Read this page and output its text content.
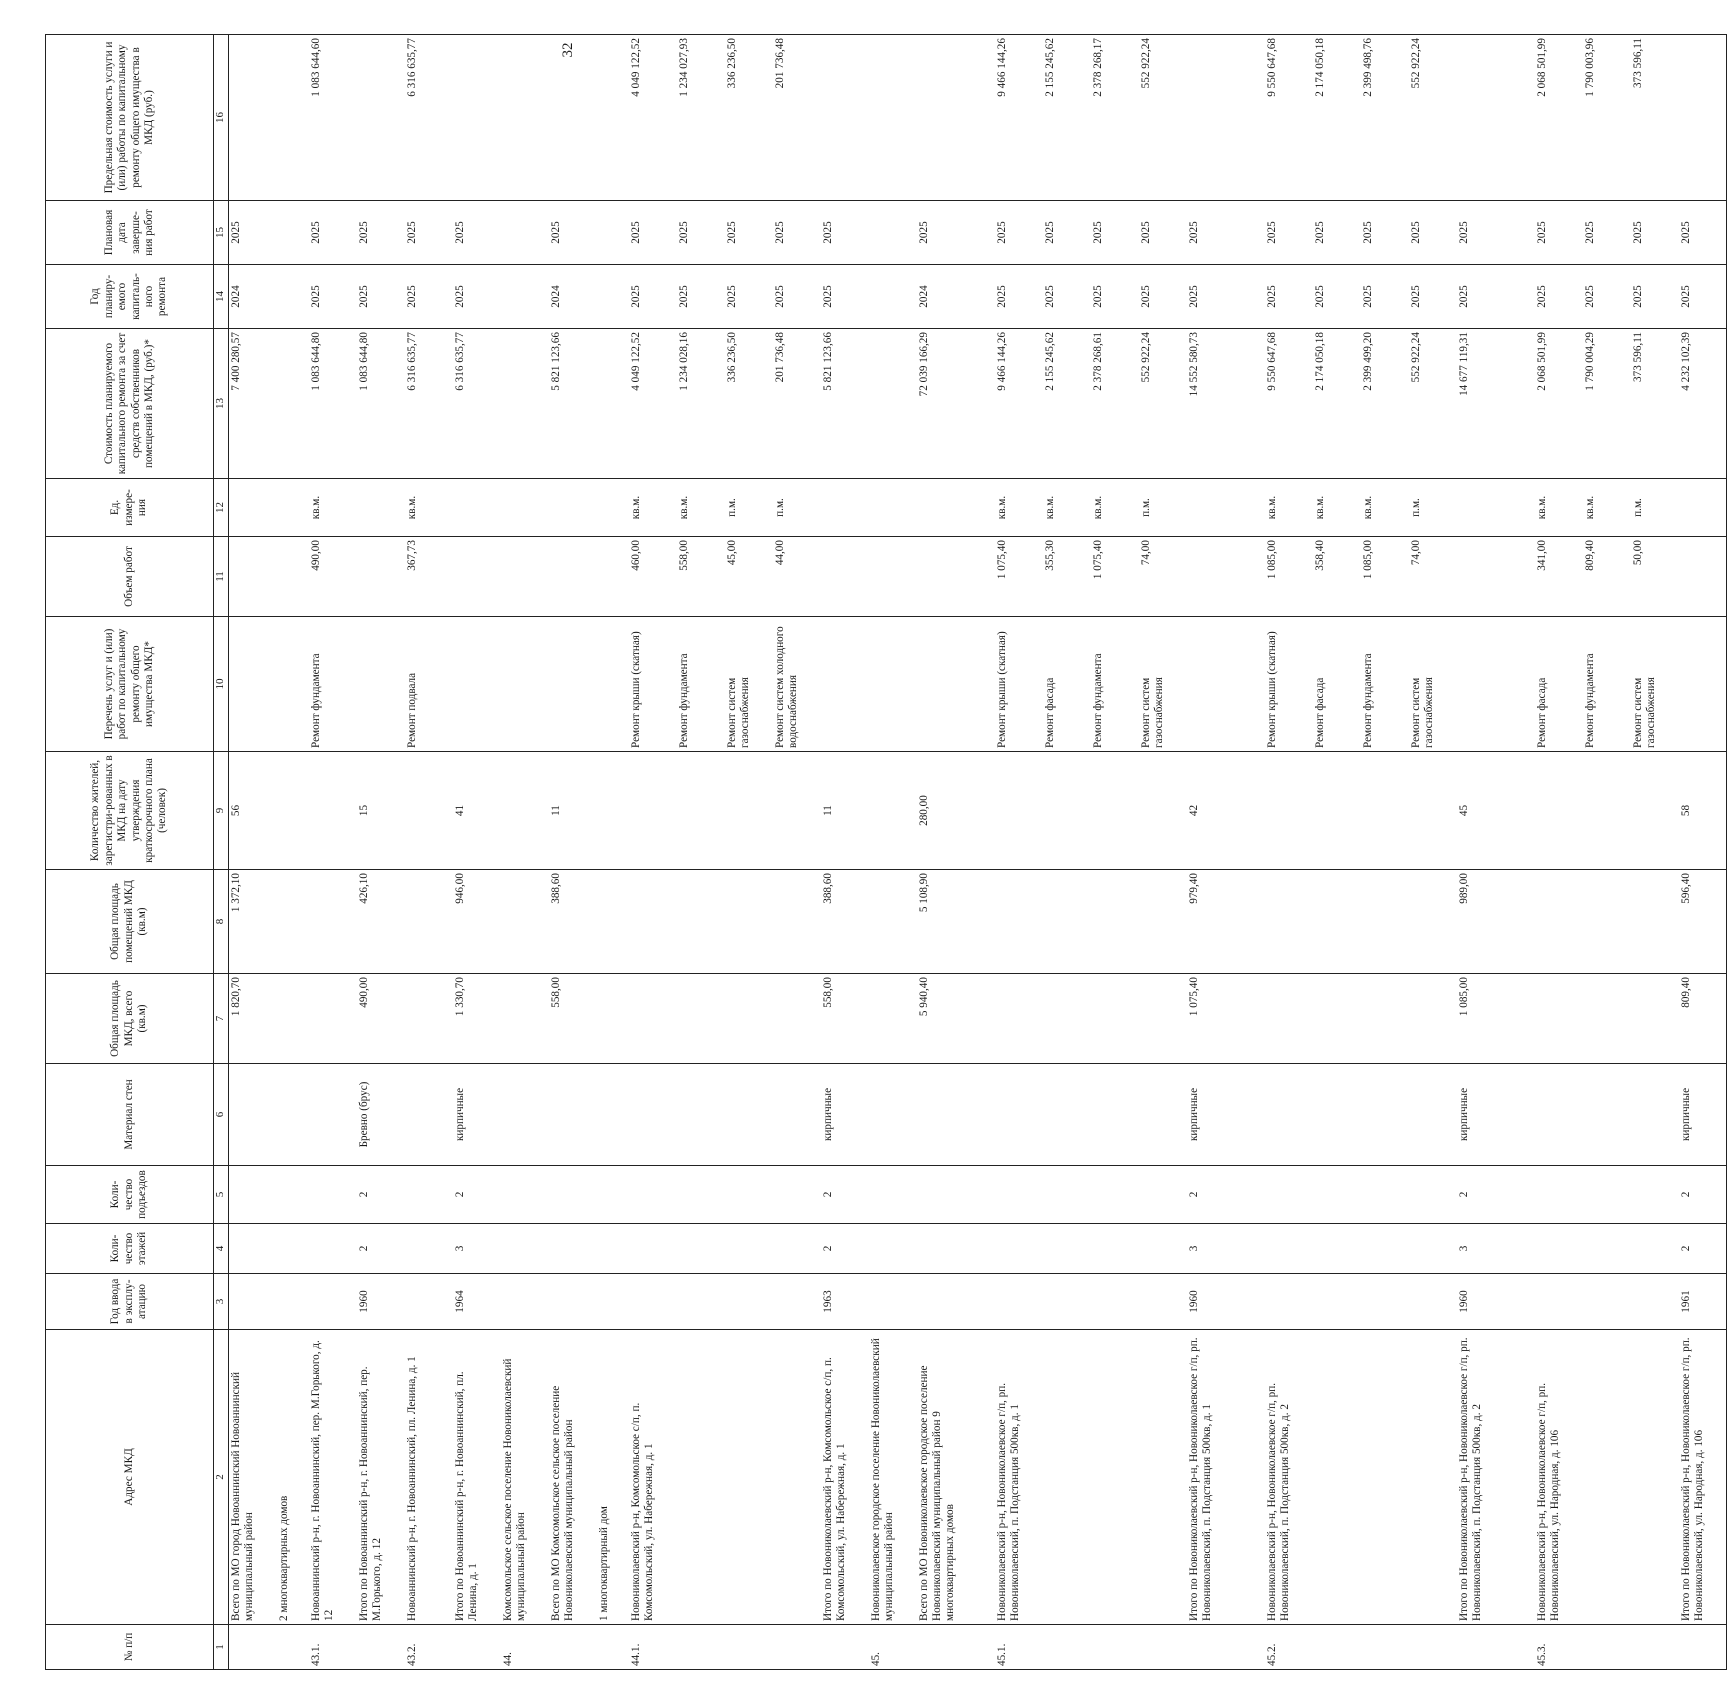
32
№ п/п	Адрес МКД	Год ввода в эксплу-атацию	Коли-чество этажей	Коли-чество подъездов	Материал стен	Общая площадь МКД, всего (кв.м)	Общая площадь помещений МКД (кв.м)	Количество жителей, зарегистри-рованных в МКД на дату утверждения краткосрочного плана (человек)	Перечень услуг и (или) работ по капитальному ремонту общего имущества МКД*	Объем работ	Ед. измере-ния	Стоимость планируемого капитального ремонта за счет средств собственников помещений в МКД, (руб.)*	Год планиру-емого капиталь-ного ремонта	Плановая дата заверше-ния работ	Предельная стоимость услуги и (или) работы по капитальному ремонту общего имущества в МКД (руб.)
1	2	3	4	5	6	7	8	9	10	11	12	13	14	15	16
	Всего по МО город Новоаннинский Новоаннинский муниципальный район					1 820,70	1 372,10	56				7 400 280,57	2024	2025	
	2 многоквартирных домов														
43.1.	Новоаннинский р-н, г. Новоаннинский, пер. М.Горького, д. 12								Ремонт фундамента	490,00	кв.м.	1 083 644,80	2025	2025	1 083 644,60
	Итого по Новоаннинский р-н, г. Новоаннинский, пер. М.Горького, д. 12	1960	2	2	Бревно (брус)	490,00	426,10	15				1 083 644,80	2025	2025	
43.2.	Новоаннинский р-н, г. Новоаннинский, пл. Ленина, д. 1								Ремонт подвала	367,73	кв.м.	6 316 635,77	2025	2025	6 316 635,77
	Итого по Новоаннинский р-н, г. Новоаннинский, пл. Ленина, д. 1	1964	3	2	кирпичные	1 330,70	946,00	41				6 316 635,77	2025	2025	
44.	Комсомольское сельское поселение Новониколаевский муниципальный район														
	Всего по МО Комсомольское сельское поселение Новониколаевский муниципальный район					558,00	388,60	11				5 821 123,66	2024	2025	
	1 многоквартирный дом														
44.1.	Новониколаевский р-н, Комсомольское с/п, п. Комсомольский, ул. Набережная, д. 1								Ремонт крыши (скатная)	460,00	кв.м.	4 049 122,52	2025	2025	4 049 122,52
									Ремонт фундамента	558,00	кв.м.	1 234 028,16	2025	2025	1 234 027,93
									Ремонт систем газоснабжения	45,00	п.м.	336 236,50	2025	2025	336 236,50
									Ремонт систем холодного водоснабжения	44,00	п.м.	201 736,48	2025	2025	201 736,48
	Итого по Новониколаевский р-н, Комсомольское с/п, п. Комсомольский, ул. Набережная, д. 1	1963	2	2	кирпичные	558,00	388,60	11				5 821 123,66	2025	2025	
45.	Новониколаевское городское поселение Новониколаевский муниципальный район														
	Всего по МО Новониколаевское городское поселение Новониколаевский муниципальный район 9 многоквартирных домов					5 940,40	5 108,90	280,00				72 039 166,29	2024	2025	
45.1.	Новониколаевский р-н, Новониколаевское г/п, рп. Новониколаевский, п. Подстанция 500кв, д. 1								Ремонт крыши (скатная)	1 075,40	кв.м.	9 466 144,26	2025	2025	9 466 144,26
									Ремонт фасада	355,30	кв.м.	2 155 245,62	2025	2025	2 155 245,62
									Ремонт фундамента	1 075,40	кв.м.	2 378 268,61	2025	2025	2 378 268,17
									Ремонт систем газоснабжения	74,00	п.м.	552 922,24	2025	2025	552 922,24
	Итого по Новониколаевский р-н, Новониколаевское г/п, рп. Новониколаевский, п. Подстанция 500кв, д. 1	1960	3	2	кирпичные	1 075,40	979,40	42				14 552 580,73	2025	2025	
45.2.	Новониколаевский р-н, Новониколаевское г/п, рп. Новониколаевский, п. Подстанция 500кв, д. 2								Ремонт крыши (скатная)	1 085,00	кв.м.	9 550 647,68	2025	2025	9 550 647,68
									Ремонт фасада	358,40	кв.м.	2 174 050,18	2025	2025	2 174 050,18
									Ремонт фундамента	1 085,00	кв.м.	2 399 499,20	2025	2025	2 399 498,76
									Ремонт систем газоснабжения	74,00	п.м.	552 922,24	2025	2025	552 922,24
	Итого по Новониколаевский р-н, Новониколаевское г/п, рп. Новониколаевский, п. Подстанция 500кв, д. 2	1960	3	2	кирпичные	1 085,00	989,00	45				14 677 119,31	2025	2025	
45.3.	Новониколаевский р-н, Новониколаевское г/п, рп. Новониколаевский, ул. Народная, д. 106								Ремонт фасада	341,00	кв.м.	2 068 501,99	2025	2025	2 068 501,99
									Ремонт фундамента	809,40	кв.м.	1 790 004,29	2025	2025	1 790 003,96
									Ремонт систем газоснабжения	50,00	п.м.	373 596,11	2025	2025	373 596,11
	Итого по Новониколаевский р-н, Новониколаевское г/п, рп. Новониколаевский, ул. Народная, д. 106	1961	2	2	кирпичные	809,40	596,40	58				4 232 102,39	2025	2025	
